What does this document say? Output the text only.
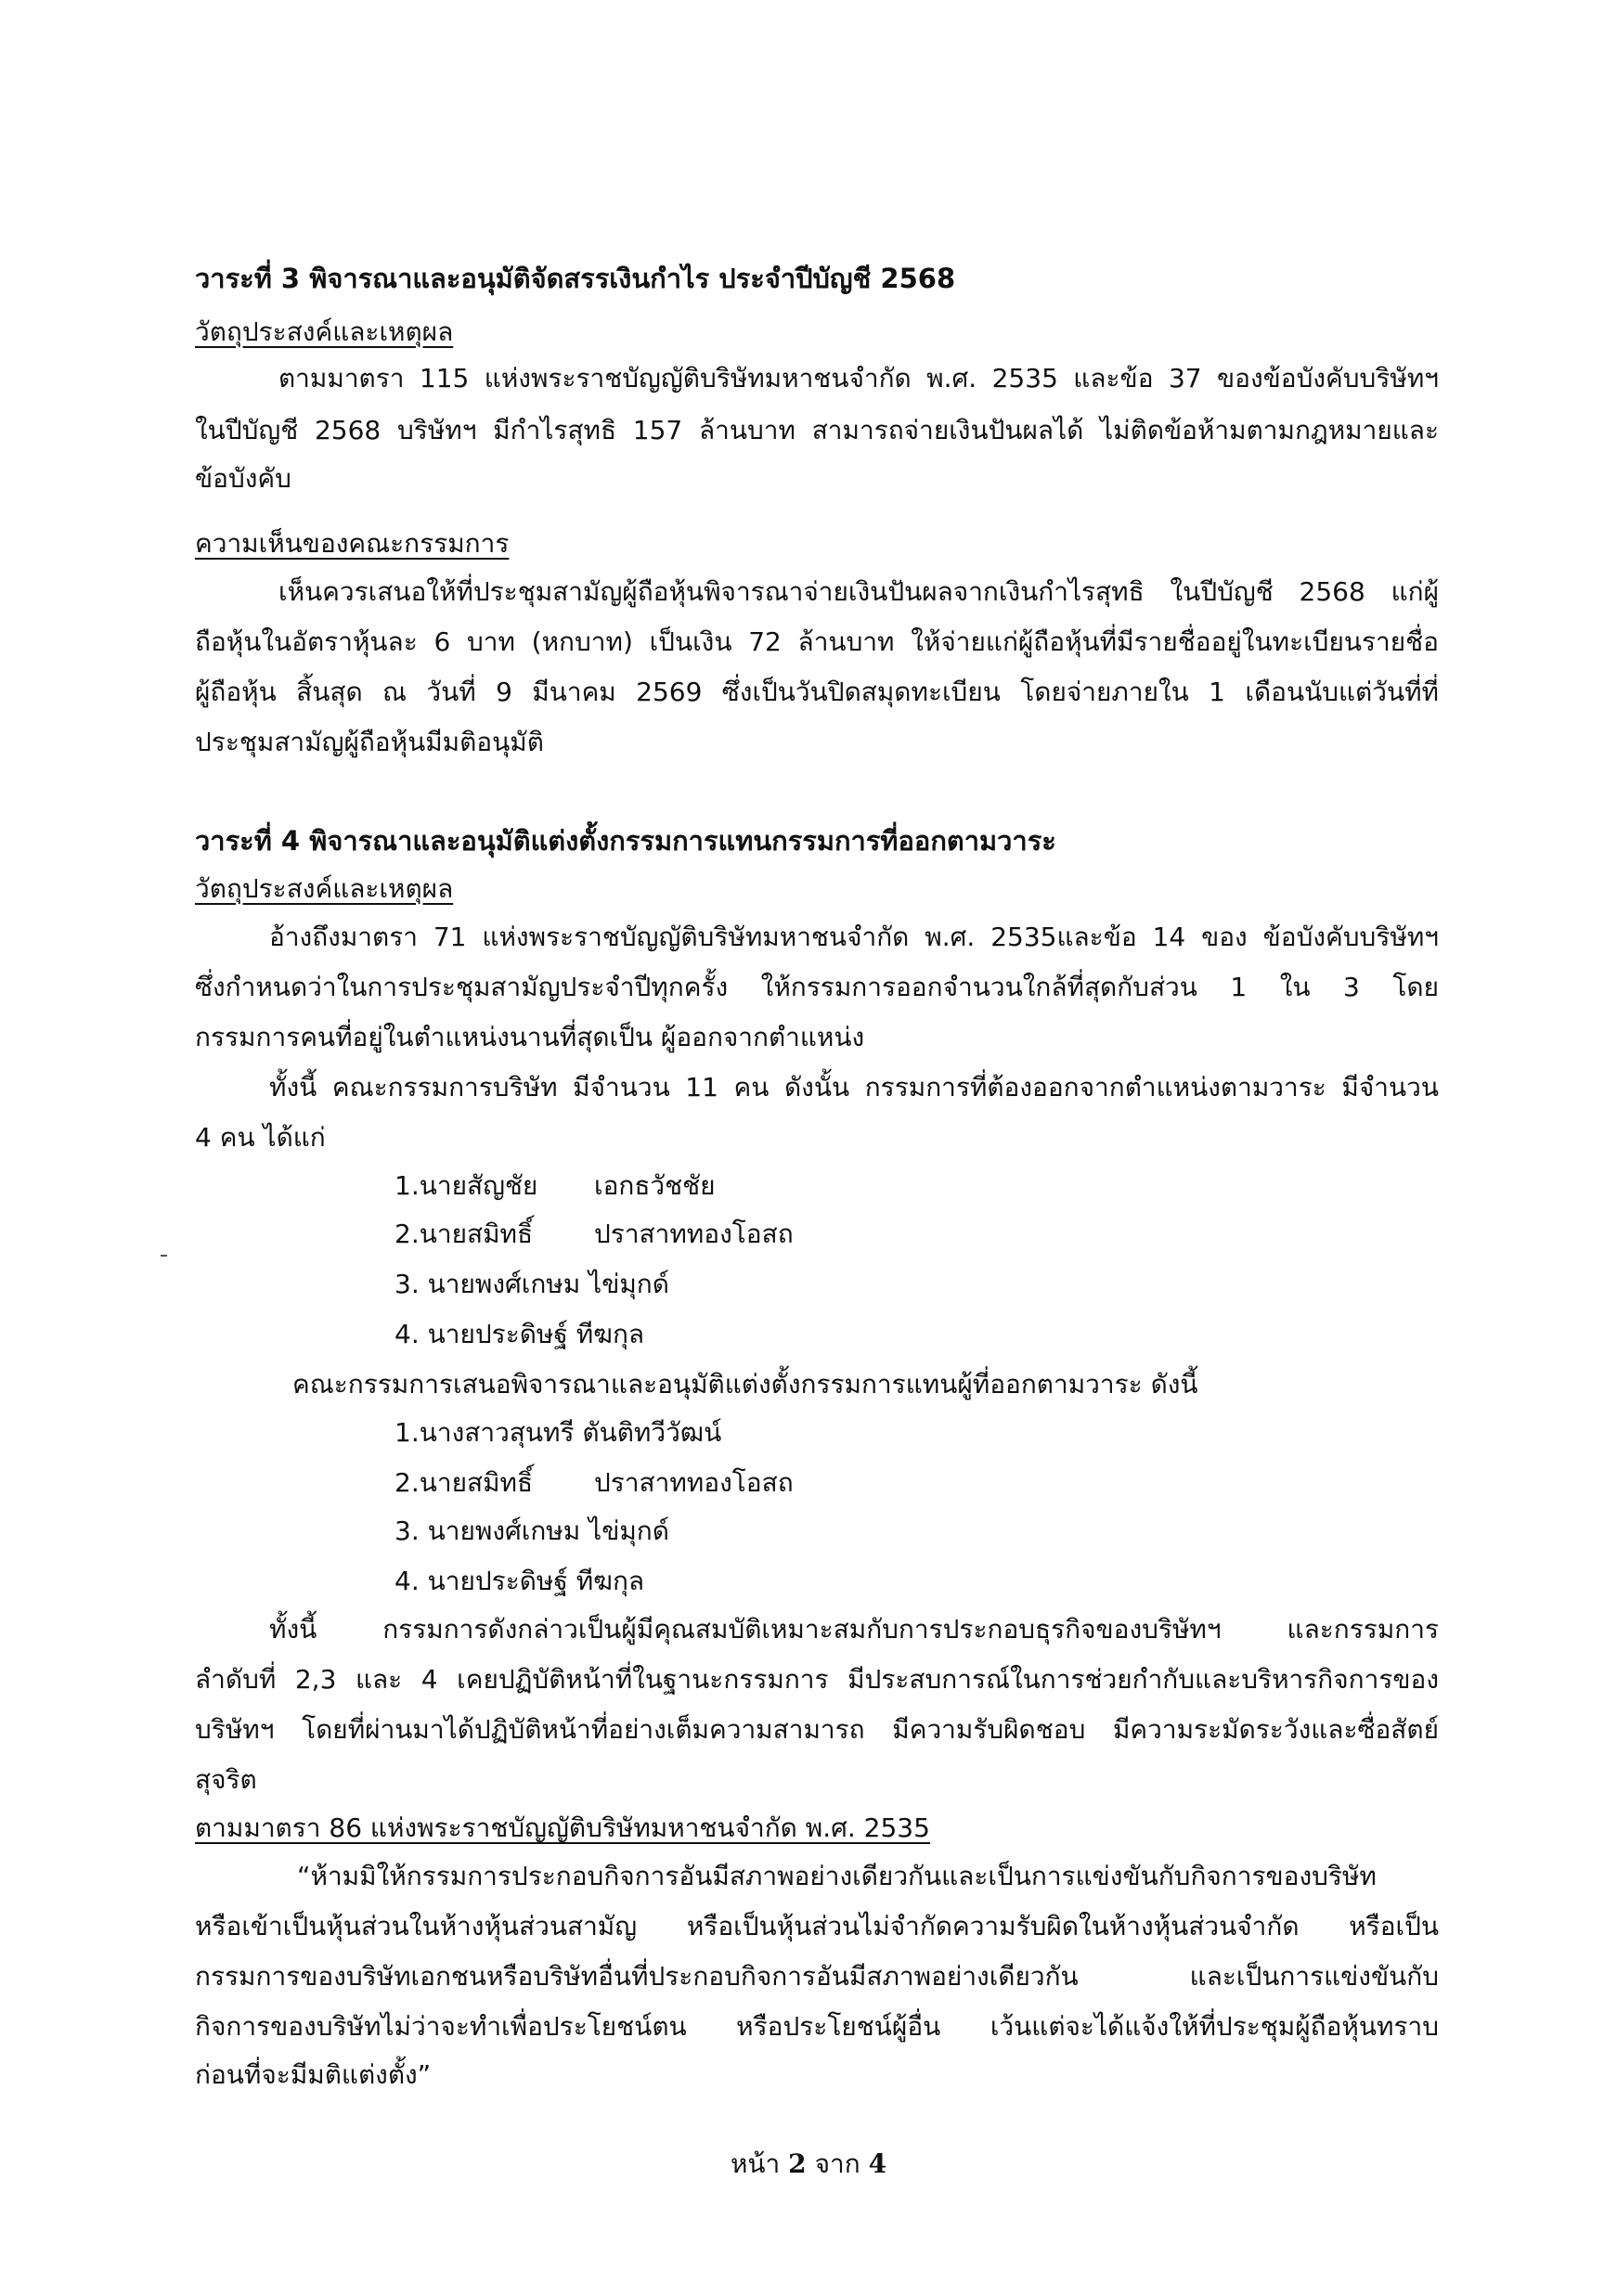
วาระที่ 3 พิจารณาและอนุมัติจัดสรรเงินกำไร ประจำปีบัญชี 2568
วัตถุประสงค์และเหตุผล
ตามมาตรา 115 แห่งพระราชบัญญัติบริษัทมหาชนจำกัด พ.ศ. 2535 และข้อ 37 ของข้อบังคับบริษัทฯ
ในปีบัญชี 2568 บริษัทฯ มีกำไรสุทธิ 157 ล้านบาท สามารถจ่ายเงินปันผลได้ ไม่ติดข้อห้ามตามกฎหมายและ
ข้อบังคับ
ความเห็นของคณะกรรมการ
เห็นควรเสนอให้ที่ประชุมสามัญผู้ถือหุ้นพิจารณาจ่ายเงินปันผลจากเงินกำไรสุทธิ ในปีบัญชี 2568 แก่ผู้
ถือหุ้นในอัตราหุ้นละ 6 บาท (หกบาท) เป็นเงิน 72 ล้านบาท ให้จ่ายแก่ผู้ถือหุ้นที่มีรายชื่ออยู่ในทะเบียนรายชื่อ
ผู้ถือหุ้น สิ้นสุด ณ วันที่ 9 มีนาคม 2569 ซึ่งเป็นวันปิดสมุดทะเบียน โดยจ่ายภายใน 1 เดือนนับแต่วันที่ที่
ประชุมสามัญผู้ถือหุ้นมีมติอนุมัติ
วาระที่ 4 พิจารณาและอนุมัติแต่งตั้งกรรมการแทนกรรมการที่ออกตามวาระ
วัตถุประสงค์และเหตุผล
อ้างถึงมาตรา 71 แห่งพระราชบัญญัติบริษัทมหาชนจำกัด พ.ศ. 2535และข้อ 14 ของ ข้อบังคับบริษัทฯ
ซึ่งกำหนดว่าในการประชุมสามัญประจำปีทุกครั้ง ให้กรรมการออกจำนวนใกล้ที่สุดกับส่วน 1 ใน 3 โดย
กรรมการคนที่อยู่ในตำแหน่งนานที่สุดเป็น ผู้ออกจากตำแหน่ง
ทั้งนี้ คณะกรรมการบริษัท มีจำนวน 11 คน ดังนั้น กรรมการที่ต้องออกจากตำแหน่งตามวาระ มีจำนวน
4 คน ได้แก่
1.นายสัญชัย เอกธวัชชัย
2.นายสมิทธิ์ ปราสาททองโอสถ
3. นายพงศ์เกษม ไข่มุกด์
4. นายประดิษฐ์ ทีฆกุล
คณะกรรมการเสนอพิจารณาและอนุมัติแต่งตั้งกรรมการแทนผู้ที่ออกตามวาระ ดังนี้
1.นางสาวสุนทรี ตันติทวีวัฒน์
2.นายสมิทธิ์ ปราสาททองโอสถ
3. นายพงศ์เกษม ไข่มุกด์
4. นายประดิษฐ์ ทีฆกุล
ทั้งนี้ กรรมการดังกล่าวเป็นผู้มีคุณสมบัติเหมาะสมกับการประกอบธุรกิจของบริษัทฯ และกรรมการ
ลำดับที่ 2,3 และ 4 เคยปฏิบัติหน้าที่ในฐานะกรรมการ มีประสบการณ์ในการช่วยกำกับและบริหารกิจการของ
บริษัทฯ โดยที่ผ่านมาได้ปฏิบัติหน้าที่อย่างเต็มความสามารถ มีความรับผิดชอบ มีความระมัดระวังและซื่อสัตย์
สุจริต
ตามมาตรา 86 แห่งพระราชบัญญัติบริษัทมหาชนจำกัด พ.ศ. 2535
“ห้ามมิให้กรรมการประกอบกิจการอันมีสภาพอย่างเดียวกันและเป็นการแข่งขันกับกิจการของบริษัท
หรือเข้าเป็นหุ้นส่วนในห้างหุ้นส่วนสามัญ หรือเป็นหุ้นส่วนไม่จำกัดความรับผิดในห้างหุ้นส่วนจำกัด หรือเป็น
กรรมการของบริษัทเอกชนหรือบริษัทอื่นที่ประกอบกิจการอันมีสภาพอย่างเดียวกัน และเป็นการแข่งขันกับ
กิจการของบริษัทไม่ว่าจะทำเพื่อประโยชน์ตน หรือประโยชน์ผู้อื่น เว้นแต่จะได้แจ้งให้ที่ประชุมผู้ถือหุ้นทราบ
ก่อนที่จะมีมติแต่งตั้ง”
หน้า 2 จาก 4
